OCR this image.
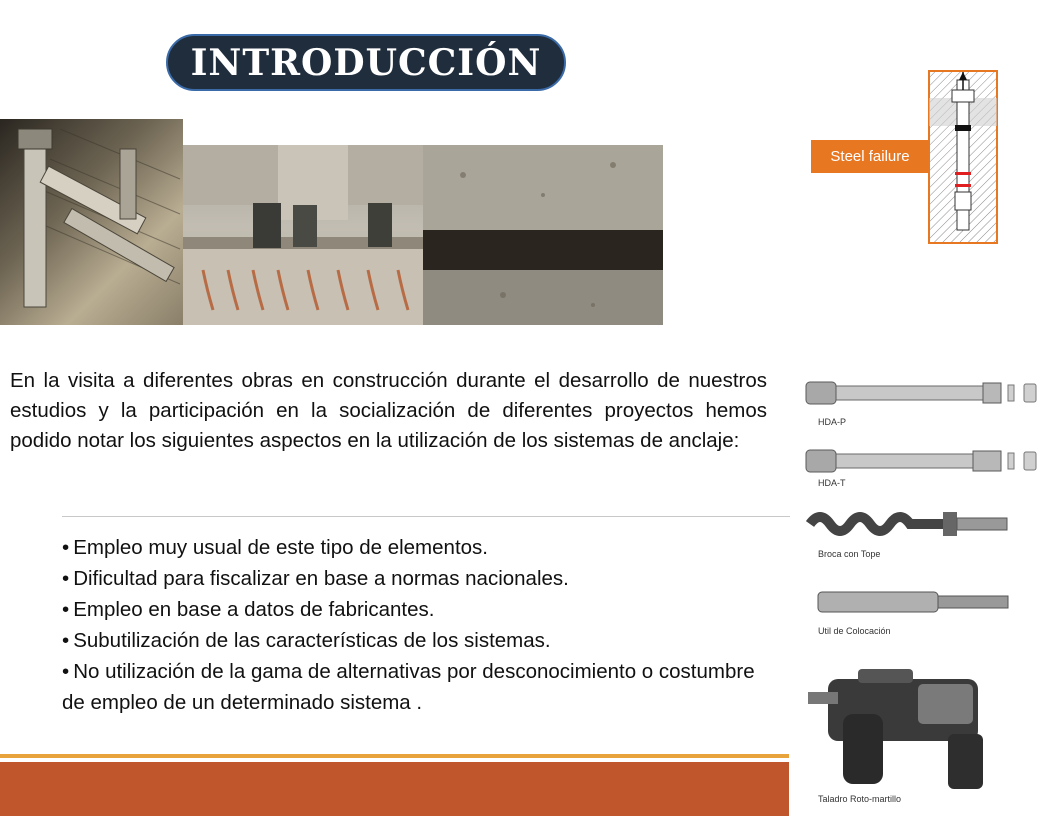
INTRODUCCIÓN
Steel failure

En la visita a diferentes obras en construcción durante el desarrollo de nuestros estudios y la participación en la socialización de diferentes proyectos hemos podido notar los siguientes aspectos en la utilización de los sistemas de anclaje:

• Empleo muy usual de este tipo de elementos.
• Dificultad para fiscalizar en base a normas nacionales.
• Empleo en base a datos de fabricantes.
• Subutilización de las características de los sistemas.
• No utilización de la gama de alternativas por desconocimiento o costumbre de empleo de un determinado sistema .
HDA-P
HDA-T
Broca con Tope
Util de Colocación
Taladro Roto-martillo
